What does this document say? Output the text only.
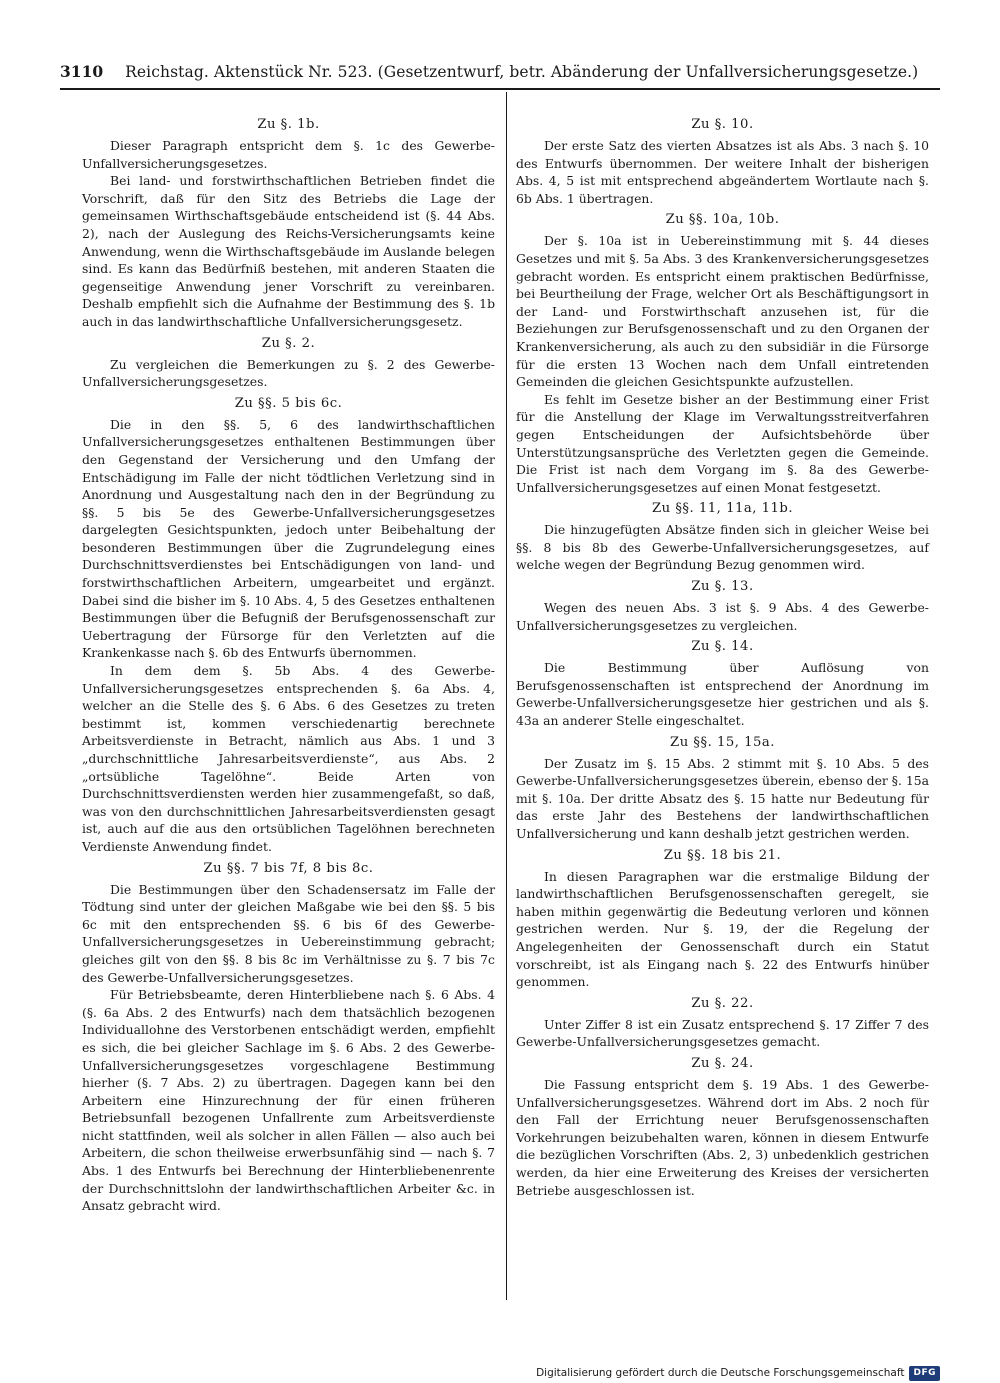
3110 Reichstag. Aktenstück Nr. 523. (Gesetzentwurf, betr. Abänderung der Unfallversicherungsgesetze.)
Zu §. 1b.

Dieser Paragraph entspricht dem §. 1c des Gewerbe-Unfallversicherungsgesetzes.

Bei land- und forstwirthschaftlichen Betrieben findet die Vorschrift, daß für den Sitz des Betriebs die Lage der gemeinsamen Wirthschaftsgebäude entscheidend ist (§. 44 Abs. 2), nach der Auslegung des Reichs-Versicherungsamts keine Anwendung, wenn die Wirthschaftsgebäude im Auslande belegen sind. Es kann das Bedürfniß bestehen, mit anderen Staaten die gegenseitige Anwendung jener Vorschrift zu vereinbaren. Deshalb empfiehlt sich die Aufnahme der Bestimmung des §. 1b auch in das landwirthschaftliche Unfallversicherungsgesetz.

Zu §. 2.

Zu vergleichen die Bemerkungen zu §. 2 des Gewerbe-Unfallversicherungsgesetzes.

Zu §§. 5 bis 6c.

Die in den §§. 5, 6 des landwirthschaftlichen Unfallversicherungsgesetzes enthaltenen Bestimmungen über den Gegenstand der Versicherung und den Umfang der Entschädigung im Falle der nicht tödtlichen Verletzung sind in Anordnung und Ausgestaltung nach den in der Begründung zu §§. 5 bis 5e des Gewerbe-Unfallversicherungsgesetzes dargelegten Gesichtspunkten, jedoch unter Beibehaltung der besonderen Bestimmungen über die Zugrundelegung eines Durchschnittsverdienstes bei Entschädigungen von land- und forstwirthschaftlichen Arbeitern, umgearbeitet und ergänzt. Dabei sind die bisher im §. 10 Abs. 4, 5 des Gesetzes enthaltenen Bestimmungen über die Befugniß der Berufsgenossenschaft zur Uebertragung der Fürsorge für den Verletzten auf die Krankenkasse nach §. 6b des Entwurfs übernommen.

In dem dem §. 5b Abs. 4 des Gewerbe-Unfallversicherungsgesetzes entsprechenden §. 6a Abs. 4, welcher an die Stelle des §. 6 Abs. 6 des Gesetzes zu treten bestimmt ist, kommen verschiedenartig berechnete Arbeitsverdienste in Betracht, nämlich aus Abs. 1 und 3 „durchschnittliche Jahresarbeitsverdienste“, aus Abs. 2 „ortsübliche Tagelöhne“. Beide Arten von Durchschnittsverdiensten werden hier zusammengefaßt, so daß, was von den durchschnittlichen Jahresarbeitsverdiensten gesagt ist, auch auf die aus den ortsüblichen Tagelöhnen berechneten Verdienste Anwendung findet.

Zu §§. 7 bis 7f, 8 bis 8c.

Die Bestimmungen über den Schadensersatz im Falle der Tödtung sind unter der gleichen Maßgabe wie bei den §§. 5 bis 6c mit den entsprechenden §§. 6 bis 6f des Gewerbe-Unfallversicherungsgesetzes in Uebereinstimmung gebracht; gleiches gilt von den §§. 8 bis 8c im Verhältnisse zu §. 7 bis 7c des Gewerbe-Unfallversicherungsgesetzes.

Für Betriebsbeamte, deren Hinterbliebene nach §. 6 Abs. 4 (§. 6a Abs. 2 des Entwurfs) nach dem thatsächlich bezogenen Individuallohne des Verstorbenen entschädigt werden, empfiehlt es sich, die bei gleicher Sachlage im §. 6 Abs. 2 des Gewerbe-Unfallversicherungsgesetzes vorgeschlagene Bestimmung hierher (§. 7 Abs. 2) zu übertragen. Dagegen kann bei den Arbeitern eine Hinzurechnung der für einen früheren Betriebsunfall bezogenen Unfallrente zum Arbeitsverdienste nicht stattfinden, weil als solcher in allen Fällen — also auch bei Arbeitern, die schon theilweise erwerbsunfähig sind — nach §. 7 Abs. 1 des Entwurfs bei Berechnung der Hinterbliebenenrente der Durchschnittslohn der landwirthschaftlichen Arbeiter &c. in Ansatz gebracht wird.

Zu §. 10.

Der erste Satz des vierten Absatzes ist als Abs. 3 nach §. 10 des Entwurfs übernommen. Der weitere Inhalt der bisherigen Abs. 4, 5 ist mit entsprechend abgeändertem Wortlaute nach §. 6b Abs. 1 übertragen.

Zu §§. 10a, 10b.

Der §. 10a ist in Uebereinstimmung mit §. 44 dieses Gesetzes und mit §. 5a Abs. 3 des Krankenversicherungsgesetzes gebracht worden. Es entspricht einem praktischen Bedürfnisse, bei Beurtheilung der Frage, welcher Ort als Beschäftigungsort in der Land- und Forstwirthschaft anzusehen ist, für die Beziehungen zur Berufsgenossenschaft und zu den Organen der Krankenversicherung, als auch zu den subsidiär in die Fürsorge für die ersten 13 Wochen nach dem Unfall eintretenden Gemeinden die gleichen Gesichtspunkte aufzustellen.

Es fehlt im Gesetze bisher an der Bestimmung einer Frist für die Anstellung der Klage im Verwaltungsstreitverfahren gegen Entscheidungen der Aufsichtsbehörde über Unterstützungsansprüche des Verletzten gegen die Gemeinde. Die Frist ist nach dem Vorgang im §. 8a des Gewerbe-Unfallversicherungsgesetzes auf einen Monat festgesetzt.

Zu §§. 11, 11a, 11b.

Die hinzugefügten Absätze finden sich in gleicher Weise bei §§. 8 bis 8b des Gewerbe-Unfallversicherungsgesetzes, auf welche wegen der Begründung Bezug genommen wird.

Zu §. 13.

Wegen des neuen Abs. 3 ist §. 9 Abs. 4 des Gewerbe-Unfallversicherungsgesetzes zu vergleichen.

Zu §. 14.

Die Bestimmung über Auflösung von Berufsgenossenschaften ist entsprechend der Anordnung im Gewerbe-Unfallversicherungsgesetze hier gestrichen und als §. 43a an anderer Stelle eingeschaltet.

Zu §§. 15, 15a.

Der Zusatz im §. 15 Abs. 2 stimmt mit §. 10 Abs. 5 des Gewerbe-Unfallversicherungsgesetzes überein, ebenso der §. 15a mit §. 10a. Der dritte Absatz des §. 15 hatte nur Bedeutung für das erste Jahr des Bestehens der landwirthschaftlichen Unfallversicherung und kann deshalb jetzt gestrichen werden.

Zu §§. 18 bis 21.

In diesen Paragraphen war die erstmalige Bildung der landwirthschaftlichen Berufsgenossenschaften geregelt, sie haben mithin gegenwärtig die Bedeutung verloren und können gestrichen werden. Nur §. 19, der die Regelung der Angelegenheiten der Genossenschaft durch ein Statut vorschreibt, ist als Eingang nach §. 22 des Entwurfs hinüber genommen.

Zu §. 22.

Unter Ziffer 8 ist ein Zusatz entsprechend §. 17 Ziffer 7 des Gewerbe-Unfallversicherungsgesetzes gemacht.

Zu §. 24.

Die Fassung entspricht dem §. 19 Abs. 1 des Gewerbe-Unfallversicherungsgesetzes. Während dort im Abs. 2 noch für den Fall der Errichtung neuer Berufsgenossenschaften Vorkehrungen beizubehalten waren, können in diesem Entwurfe die bezüglichen Vorschriften (Abs. 2, 3) unbedenklich gestrichen werden, da hier eine Erweiterung des Kreises der versicherten Betriebe ausgeschlossen ist.

Digitalisierung gefördert durch die Deutsche Forschungsgemeinschaft	DFG
